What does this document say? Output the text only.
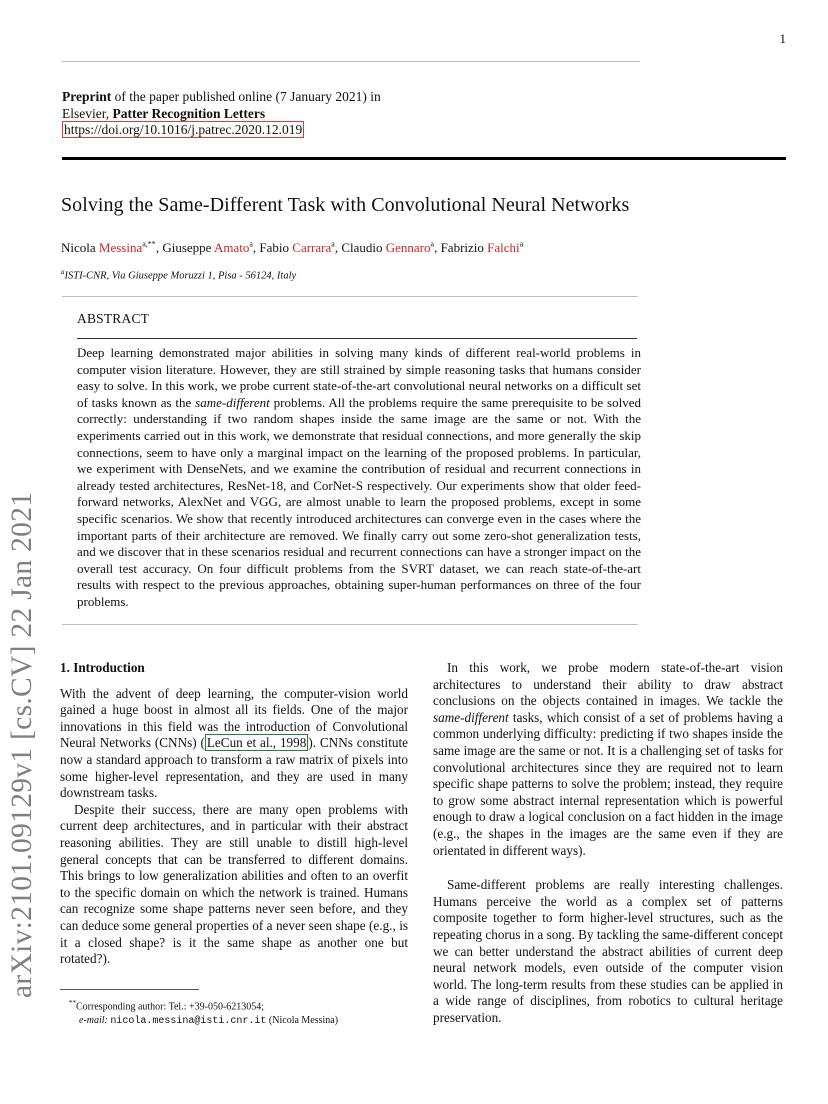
1
Preprint of the paper published online (7 January 2021) in
Elsevier, Patter Recognition Letters
https://doi.org/10.1016/j.patrec.2020.12.019
Solving the Same-Different Task with Convolutional Neural Networks
Nicola Messina$^{a,**}$, Giuseppe Amato$^a$, Fabio Carrara$^a$, Claudio Gennaro$^a$, Fabrizio Falchi$^a$
$^a$ISTI-CNR, Via Giuseppe Moruzzi 1, Pisa - 56124, Italy
ABSTRACT
Deep learning demonstrated major abilities in solving many kinds of different real-world problems in computer vision literature. However, they are still strained by simple reasoning tasks that humans consider easy to solve. In this work, we probe current state-of-the-art convolutional neural networks on a difficult set of tasks known as the same-different problems. All the problems require the same prerequisite to be solved correctly: understanding if two random shapes inside the same image are the same or not. With the experiments carried out in this work, we demonstrate that residual connections, and more generally the skip connections, seem to have only a marginal impact on the learning of the proposed problems. In particular, we experiment with DenseNets, and we examine the contribution of residual and recurrent connections in already tested architectures, ResNet-18, and CorNet-S respectively. Our experiments show that older feed-forward networks, AlexNet and VGG, are almost unable to learn the proposed problems, except in some specific scenarios. We show that recently introduced architectures can converge even in the cases where the important parts of their architecture are removed. We finally carry out some zero-shot generalization tests, and we discover that in these scenarios residual and recurrent connections can have a stronger impact on the overall test accuracy. On four difficult problems from the SVRT dataset, we can reach state-of-the-art results with respect to the previous approaches, obtaining super-human performances on three of the four problems.
arXiv:2101.09129v1 [cs.CV] 22 Jan 2021 1. Introduction

With the advent of deep learning, the computer-vision world gained a huge boost in almost all its fields. One of the major innovations in this field was the introduction of Convolutional Neural Networks (CNNs) ( LeCun et al., 1998 ). CNNs constitute now a standard approach to transform a raw matrix of pixels into some higher-level representation, and they are used in many downstream tasks.

Despite their success, there are many open problems with current deep architectures, and in particular with their abstract reasoning abilities. They are still unable to distill high-level general concepts that can be transferred to different domains. This brings to low generalization abilities and often to an overfit to the specific domain on which the network is trained. Humans can recognize some shape patterns never seen before, and they can deduce some general properties of a never seen shape (e.g., is it a closed shape? is it the same shape as another one but rotated?).

In this work, we probe modern state-of-the-art vision architectures to understand their ability to draw abstract conclusions on the objects contained in images. We tackle the same-different tasks, which consist of a set of problems having a common underlying difficulty: predicting if two shapes inside the same image are the same or not. It is a challenging set of tasks for convolutional architectures since they are required not to learn specific shape patterns to solve the problem; instead, they require to grow some abstract internal representation which is powerful enough to draw a logical conclusion on a fact hidden in the image (e.g., the shapes in the images are the same even if they are orientated in different ways).

Same-different problems are really interesting challenges. Humans perceive the world as a complex set of patterns composite together to form higher-level structures, such as the repeating chorus in a song. By tackling the same-different concept we can better understand the abstract abilities of current deep neural network models, even outside of the computer vision world. The long-term results from these studies can be applied in a wide range of disciplines, from robotics to cultural heritage preservation.

**Corresponding author: Tel.: +39-050-6213054;
e-mail: nicola.messina@isti.cnr.it (Nicola Messina)
